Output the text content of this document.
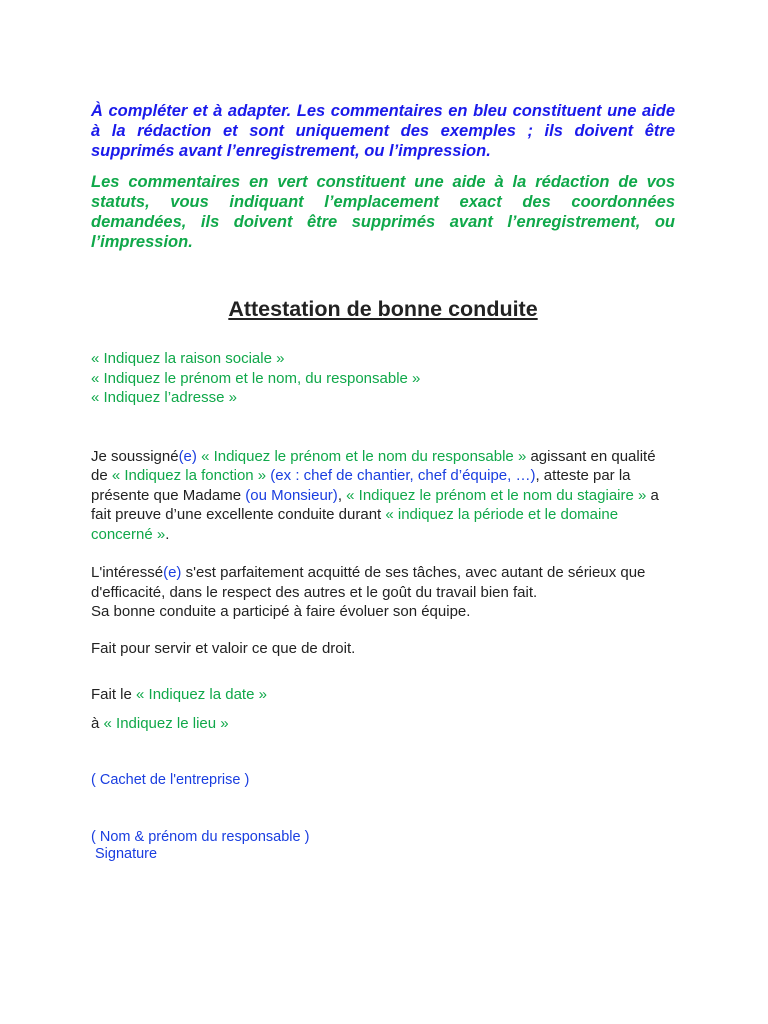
À compléter et à adapter. Les commentaires en bleu constituent une aide à la rédaction et sont uniquement des exemples ; ils doivent être supprimés avant l’enregistrement, ou l’impression.

Les commentaires en vert constituent une aide à la rédaction de vos statuts, vous indiquant l’emplacement exact des coordonnées demandées, ils doivent être supprimés avant l’enregistrement, ou l’impression.

Attestation de bonne conduite
« Indiquez la raison sociale »
« Indiquez le prénom et le nom, du responsable »
« Indiquez l’adresse »

Je soussigné(e) « Indiquez le prénom et le nom du responsable » agissant en qualité de « Indiquez la fonction » (ex : chef de chantier, chef d’équipe, …), atteste par la présente que Madame (ou Monsieur), « Indiquez le prénom et le nom du stagiaire » a fait preuve d’une excellente conduite durant « indiquez la période et le domaine concerné ».

L'intéressé(e) s'est parfaitement acquitté de ses tâches, avec autant de sérieux que d'efficacité, dans le respect des autres et le goût du travail bien fait.
Sa bonne conduite a participé à faire évoluer son équipe.

Fait pour servir et valoir ce que de droit.

Fait le « Indiquez la date »

à « Indiquez le lieu »

( Cachet de l'entreprise )
( Nom & prénom du responsable )
Signature
